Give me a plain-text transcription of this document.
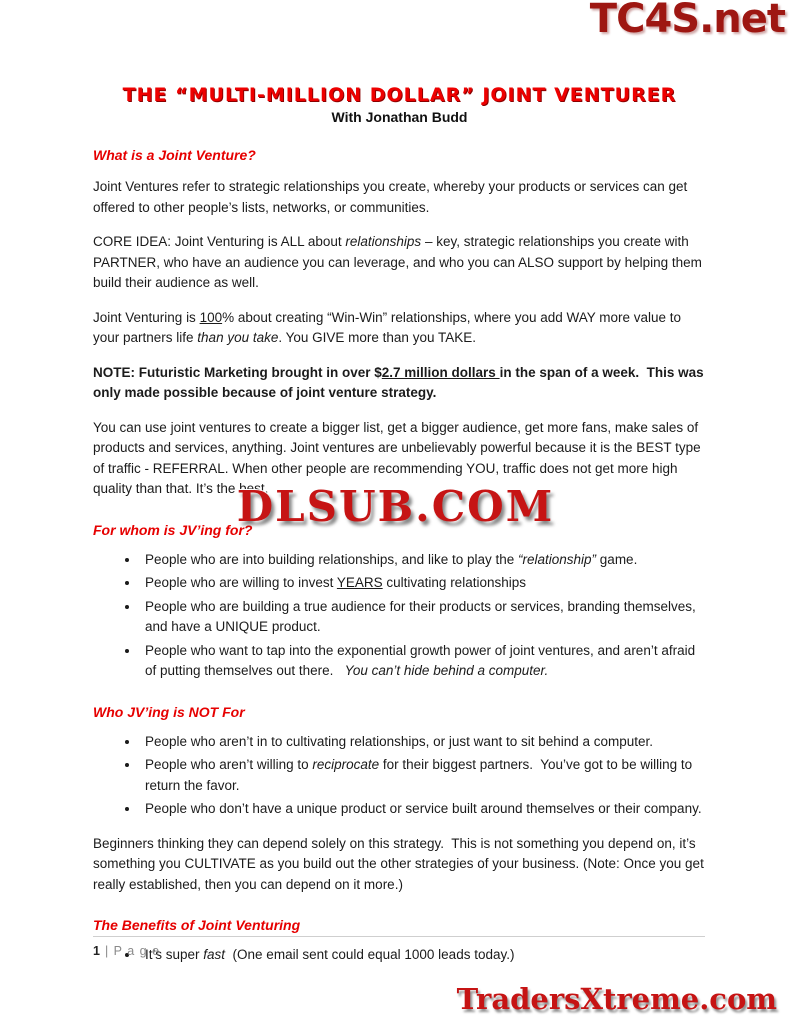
TC4S.net
THE “MULTI-MILLION DOLLAR” JOINT VENTURER
With Jonathan Budd
What is a Joint Venture?

Joint Ventures refer to strategic relationships you create, whereby your products or services can get offered to other people’s lists, networks, or communities.

CORE IDEA: Joint Venturing is ALL about relationships – key, strategic relationships you create with PARTNER, who have an audience you can leverage, and who you can ALSO support by helping them build their audience as well.

Joint Venturing is 100% about creating “Win-Win” relationships, where you add WAY more value to your partners life than you take. You GIVE more than you TAKE.

NOTE: Futuristic Marketing brought in over $2.7 million dollars in the span of a week.  This was only made possible because of joint venture strategy.

You can use joint ventures to create a bigger list, get a bigger audience, get more fans, make sales of products and services, anything. Joint ventures are unbelievably powerful because it is the BEST type of traffic - REFERRAL. When other people are recommending YOU, traffic does not get more high quality than that. It’s the best.

For whom is JV’ing for?
• People who are into building relationships, and like to play the “relationship” game.
• People who are willing to invest YEARS cultivating relationships
• People who are building a true audience for their products or services, branding themselves, and have a UNIQUE product.
• People who want to tap into the exponential growth power of joint ventures, and aren’t afraid of putting themselves out there.   You can’t hide behind a computer.
Who JV’ing is NOT For
• People who aren’t in to cultivating relationships, or just want to sit behind a computer.
• People who aren’t willing to reciprocate for their biggest partners.  You’ve got to be willing to return the favor.
• People who don’t have a unique product or service built around themselves or their company.

Beginners thinking they can depend solely on this strategy.  This is not something you depend on, it’s something you CULTIVATE as you build out the other strategies of your business. (Note: Once you get really established, then you can depend on it more.)

The Benefits of Joint Venturing
• It’s super fast  (One email sent could equal 1000 leads today.)
DLSUB.COM
1 | P a g e
TradersXtreme.com
